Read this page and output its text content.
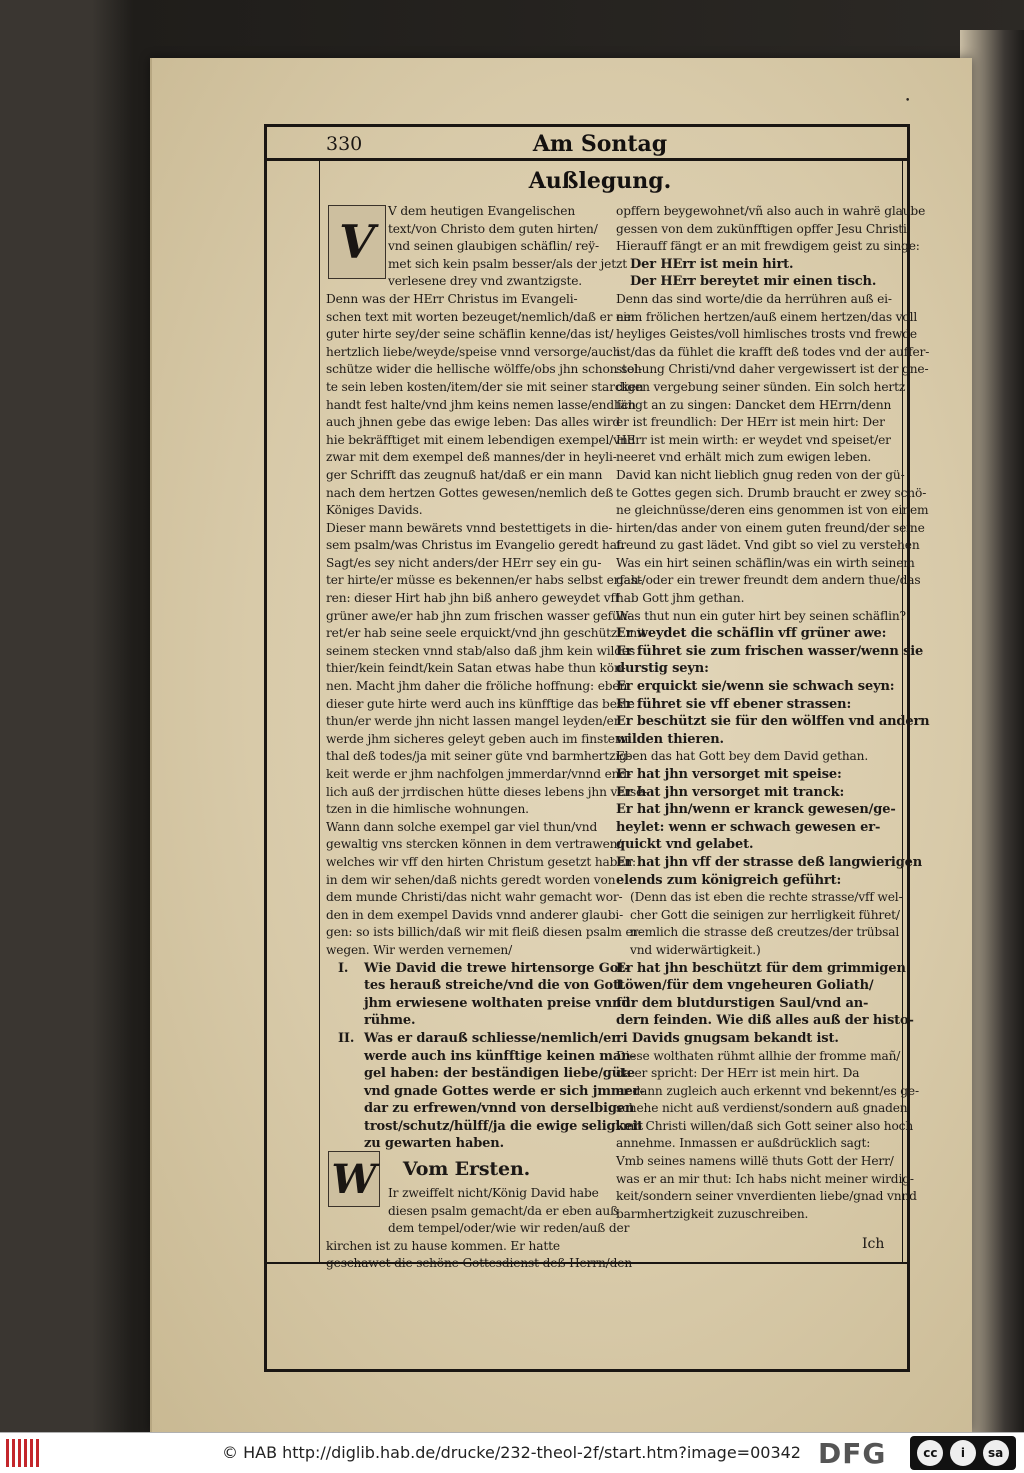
•
330	Am Sontag
Außlegung.

V dem heutigen Evangelischen

text/von Christo dem guten hirten/

vnd seinen glaubigen schäflin/ reÿ-

met sich kein psalm besser/als der jetzt

verlesene drey vnd zwantzigste.

Denn was der HErr Christus im Evangeli-

schen text mit worten bezeuget/nemlich/daß er ein

guter hirte sey/der seine schäflin kenne/das ist/

hertzlich liebe/weyde/speise vnnd versorge/auch

schütze wider die hellische wölffe/obs jhn schon sol-

te sein leben kosten/item/der sie mit seiner starcken

handt fest halte/vnd jhm keins nemen lasse/endlich

auch jhnen gebe das ewige leben: Das alles wird

hie bekräfftiget mit einem lebendigen exempel/vnd

zwar mit dem exempel deß mannes/der in heyli-

ger Schrifft das zeugnuß hat/daß er ein mann

nach dem hertzen Gottes gewesen/nemlich deß

Königes Davids.

Dieser mann bewärets vnnd bestettigets in die-

sem psalm/was Christus im Evangelio geredt hat.

Sagt/es sey nicht anders/der HErr sey ein gu-

ter hirte/er müsse es bekennen/er habs selbst erfah-

ren: dieser Hirt hab jhn biß anhero geweydet vff

grüner awe/er hab jhn zum frischen wasser gefüh-

ret/er hab seine seele erquickt/vnd jhn geschützt mit

seinem stecken vnnd stab/also daß jhm kein wildes

thier/kein feindt/kein Satan etwas habe thun kön-

nen. Macht jhm daher die fröliche hoffnung: eben

dieser gute hirte werd auch ins künfftige das beste

thun/er werde jhn nicht lassen mangel leyden/er

werde jhm sicheres geleyt geben auch im finstern

thal deß todes/ja mit seiner güte vnd barmhertzig-

keit werde er jhm nachfolgen jmmerdar/vnnd end-

lich auß der jrrdischen hütte dieses lebens jhn versé-

tzen in die himlische wohnungen.

Wann dann solche exempel gar viel thun/vnd

gewaltig vns stercken können in dem vertrawen/

welches wir vff den hirten Christum gesetzt haben:

in dem wir sehen/daß nichts geredt worden von

dem munde Christi/das nicht wahr gemacht wor-

den in dem exempel Davids vnnd anderer glaubi-

gen: so ists billich/daß wir mit fleiß diesen psalm er-

wegen. Wir werden vernemen/

I. Wie David die trewe hirtensorge Got-

tes herauß streiche/vnd die von Gott

jhm erwiesene wolthaten preise vnnd

rühme.

II. Was er darauß schliesse/nemlich/er

werde auch ins künfftige keinen man-

gel haben: der beständigen liebe/güte

vnd gnade Gottes werde er sich jmmer-

dar zu erfrewen/vnnd von derselbigen

trost/schutz/hülff/ja die ewige seligkeit

zu gewarten haben.

Vom Ersten.

Ir zweiffelt nicht/König David habe

diesen psalm gemacht/da er eben auß

dem tempel/oder/wie wir reden/auß der

kirchen ist zu hause kommen. Er hatte

geschawet die schöne Gottesdienst deß Herrn/den

V
W

opffern beygewohnet/vñ also auch in wahrë glaube

gessen von dem zukünfftigen opffer Jesu Christi.

Hierauff fängt er an mit frewdigem geist zu singe:

Der HErr ist mein hirt.

Der HErr bereytet mir einen tisch.

Denn das sind worte/die da herrühren auß ei-

nem frölichen hertzen/auß einem hertzen/das voll

heyliges Geistes/voll himlisches trosts vnd frewde

ist/das da fühlet die krafft deß todes vnd der auffer-

stehung Christi/vnd daher vergewissert ist der gne-

digen vergebung seiner sünden. Ein solch hertz

fängt an zu singen: Dancket dem HErrn/denn

er ist freundlich: Der HErr ist mein hirt: Der

HErr ist mein wirth: er weydet vnd speiset/er

neeret vnd erhält mich zum ewigen leben.

David kan nicht lieblich gnug reden von der gü-

te Gottes gegen sich. Drumb braucht er zwey schö-

ne gleichnüsse/deren eins genommen ist von einem

hirten/das ander von einem guten freund/der seine

freund zu gast lädet. Vnd gibt so viel zu verstehen

Was ein hirt seinen schäflin/was ein wirth seinem

gast/oder ein trewer freundt dem andern thue/das

hab Gott jhm gethan.

Was thut nun ein guter hirt bey seinen schäflin?

Er weydet die schäflin vff grüner awe:

Er führet sie zum frischen wasser/wenn sie

durstig seyn:

Er erquickt sie/wenn sie schwach seyn:

Er führet sie vff ebener strassen:

Er beschützt sie für den wölffen vnd andern

wilden thieren.

Eben das hat Gott bey dem David gethan.

Er hat jhn versorget mit speise:

Er hat jhn versorget mit tranck:

Er hat jhn/wenn er kranck gewesen/ge-

heylet: wenn er schwach gewesen er-

quickt vnd gelabet.

Er hat jhn vff der strasse deß langwierigen

elends zum königreich geführt:

(Denn das ist eben die rechte strasse/vff wel-

cher Gott die seinigen zur herrligkeit führet/

nemlich die strasse deß creutzes/der trübsal

vnd widerwärtigkeit.)

Er hat jhn beschützt für dem grimmigen

Löwen/für dem vngeheuren Goliath/

für dem blutdurstigen Saul/vnd an-

dern feinden. Wie diß alles auß der histo-

ri Davids gnugsam bekandt ist.

Diese wolthaten rühmt allhie der fromme mañ/

da er spricht: Der HErr ist mein hirt. Da

er dann zugleich auch erkennt vnd bekennt/es ge-

schehe nicht auß verdienst/sondern auß gnaden

vmb Christi willen/daß sich Gott seiner also hoch

annehme. Inmassen er außdrücklich sagt:

Vmb seines namens willë thuts Gott der Herr/

was er an mir thut: Ich habs nicht meiner wirdig-

keit/sondern seiner vnverdienten liebe/gnad vnnd

barmhertzigkeit zuzuschreiben.

Ich
© HAB http://diglib.hab.de/drucke/232-theol-2f/start.htm?image=00342 DFG	cc	i	sa
